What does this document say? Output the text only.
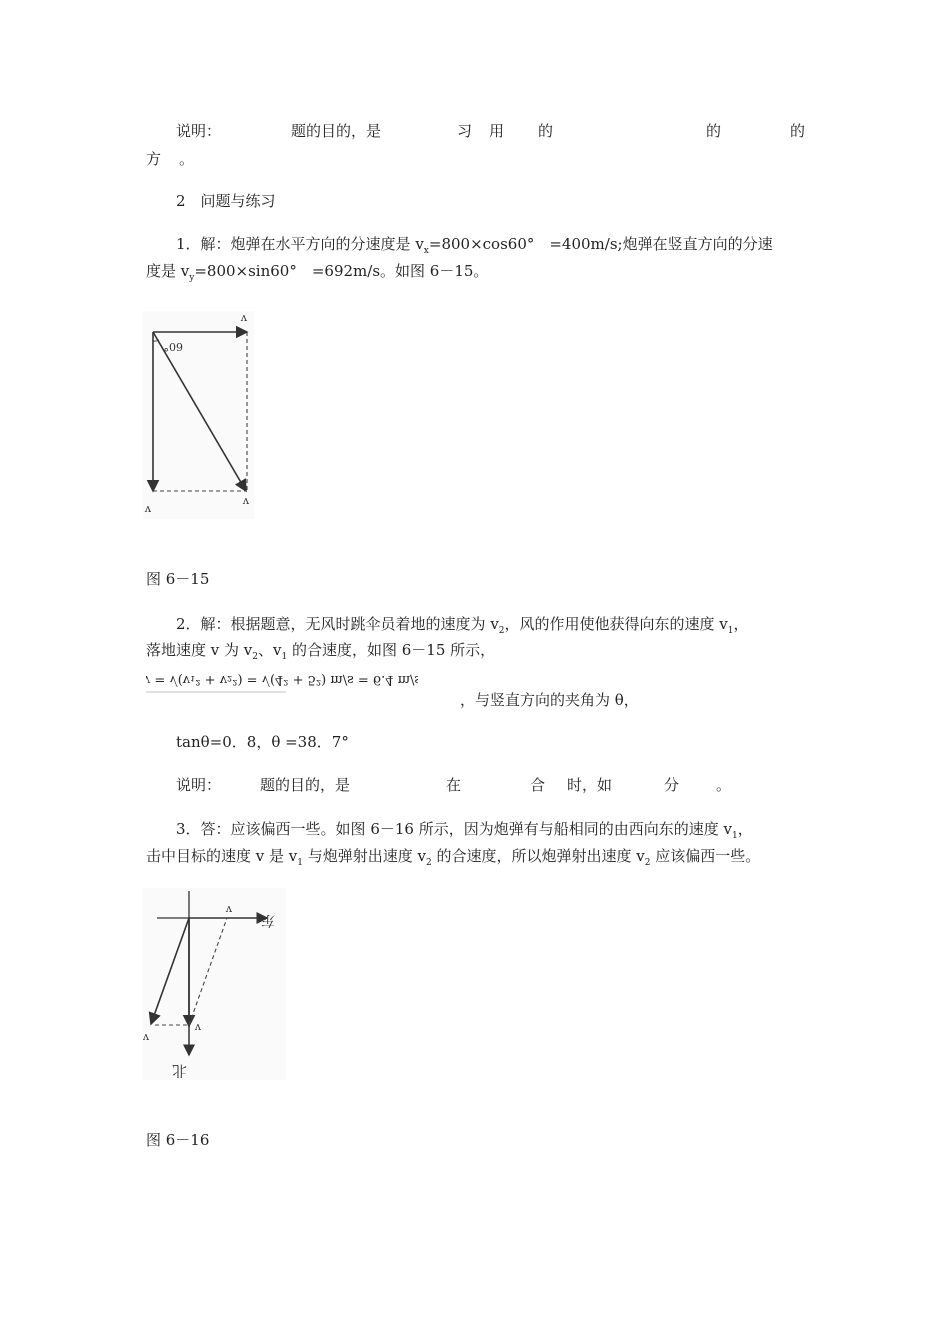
说明：	题的目的，是	习 用 的	的	的
方 。
2　问题与练习
1．解：炮弹在水平方向的分速度是 $v_x=800\times\cos 60^\circ$　=400m/s;炮弹在竖直方向的分速
度是 $v_y=800\times\sin 60^\circ$　=692m/s。如图 6－15。
60°
v
v
v
图 6－15
2．解：根据题意，无风时跳伞员着地的速度为 $v_2$，风的作用使他获得向东的速度 $v_1$，
落地速度 v 为 $v_2$、$v_1$ 的合速度，如图 6－15 所示，
v = √(v₁² + v₂²) = √(4² + 5²) m/s = 6.4 m/s
，与竖直方向的夹角为 θ，
tanθ=0．8，θ =38．7°
说明：	题的目的，是	在	合 时，如	分 。
3．答：应该偏西一些。如图 6－16 所示，因为炮弹有与船相同的由西向东的速度 $v_1$，
击中目标的速度 v 是 $v_1$ 与炮弹射出速度 $v_2$ 的合速度，所以炮弹射出速度 $v_2$ 应该偏西一些。
v
v
v
东
北
图 6－16
